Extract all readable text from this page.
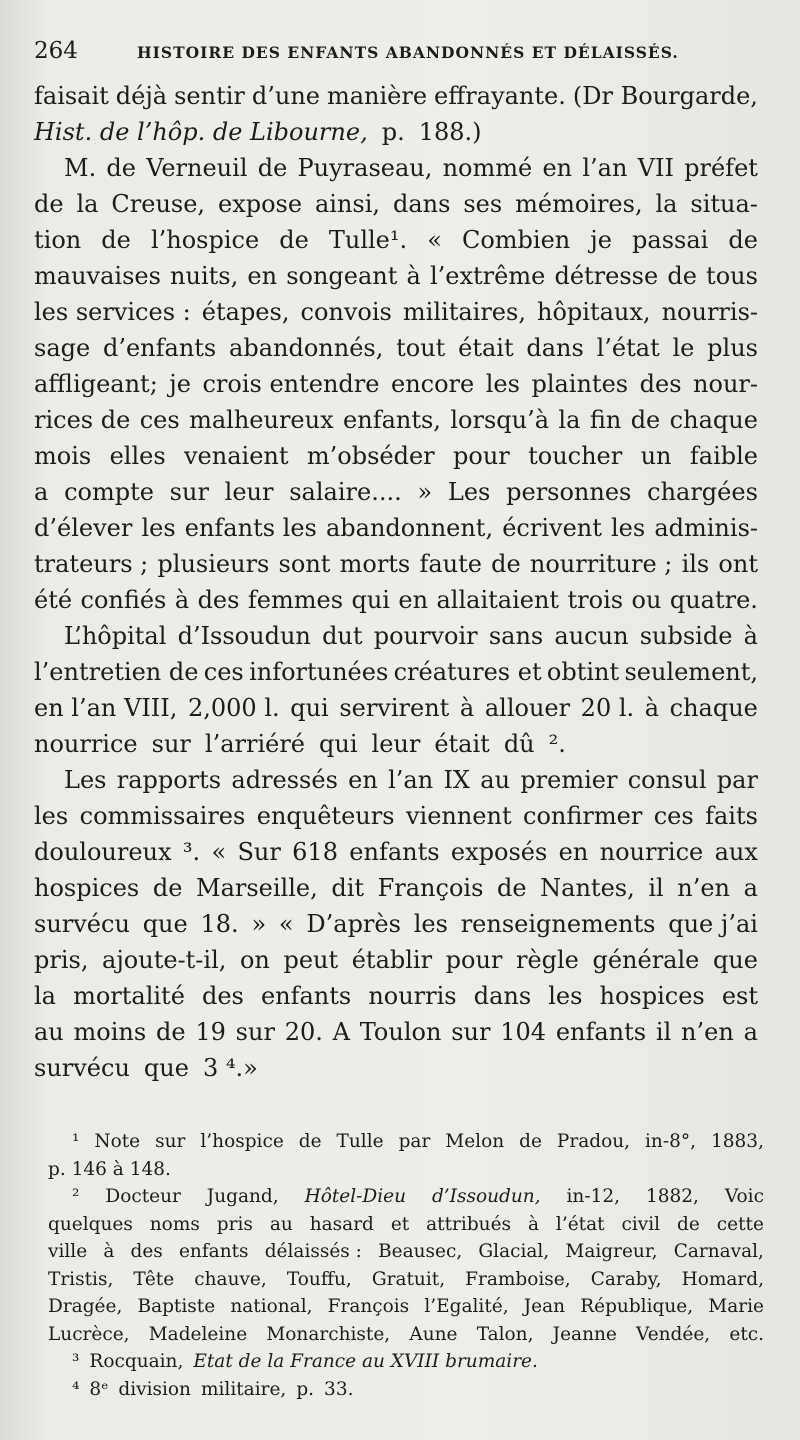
264	HISTOIRE DES ENFANTS ABANDONNÉS ET DÉLAISSÉS.
faisait déjà sentir d’une manière effrayante. (Dr Bourgarde,
Hist. de l’hôp. de Libourne, p. 188.)
M. de Verneuil de Puyraseau, nommé en l’an VII préfet
de la Creuse, expose ainsi, dans ses mémoires, la situa-
tion de l’hospice de Tulle¹. « Combien je passai de
mauvaises nuits, en songeant à l’extrême détresse de tous
les services : étapes, convois militaires, hôpitaux, nourris-
sage d’enfants abandonnés, tout était dans l’état le plus
affligeant; je crois entendre encore les plaintes des nour-
rices de ces malheureux enfants, lorsqu’à la fin de chaque
mois elles venaient m’obséder pour toucher un faible
a compte sur leur salaire.... » Les personnes chargées
d’élever les enfants les abandonnent, écrivent les adminis-
trateurs ; plusieurs sont morts faute de nourriture ; ils ont
été confiés à des femmes qui en allaitaient trois ou quatre.
L’hôpital d’Issoudun dut pourvoir sans aucun subside à
l’entretien de ces infortunées créatures et obtint seulement,
en l’an VIII, 2,000 l. qui servirent à allouer 20 l. à chaque
nourrice sur l’arriéré qui leur était dû ².
Les rapports adressés en l’an IX au premier consul par
les commissaires enquêteurs viennent confirmer ces faits
douloureux ³. « Sur 618 enfants exposés en nourrice aux
hospices de Marseille, dit François de Nantes, il n’en a
survécu que 18. » « D’après les renseignements que j’ai
pris, ajoute-t-il, on peut établir pour règle générale que
la mortalité des enfants nourris dans les hospices est
au moins de 19 sur 20. A Toulon sur 104 enfants il n’en a
survécu que 3 ⁴.»
¹ Note sur l’hospice de Tulle par Melon de Pradou, in-8°, 1883,
p. 146 à 148.
² Docteur Jugand, Hôtel-Dieu d’Issoudun, in-12, 1882, Voic
quelques noms pris au hasard et attribués à l’état civil de cette
ville à des enfants délaissés : Beausec, Glacial, Maigreur, Carnaval,
Tristis, Tête chauve, Touffu, Gratuit, Framboise, Caraby, Homard,
Dragée, Baptiste national, François l’Egalité, Jean République, Marie
Lucrèce, Madeleine Monarchiste, Aune Talon, Jeanne Vendée, etc.
³ Rocquain, Etat de la France au XVIII brumaire.
⁴ 8ᵉ division militaire, p. 33.
